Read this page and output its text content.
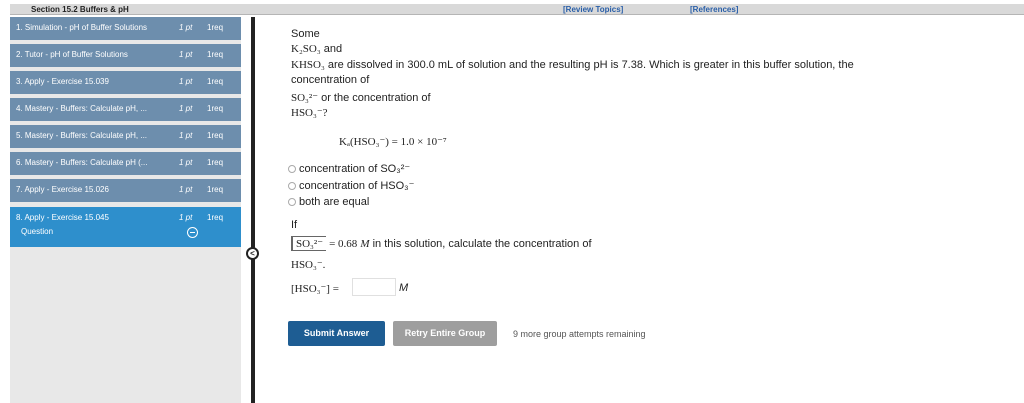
Section 15.2 Buffers & pH	[Review Topics]	[References]
1. Simulation - pH of Buffer Solutions	1 pt 1req
2. Tutor - pH of Buffer Solutions	1 pt 1req
3. Apply - Exercise 15.039	1 pt 1req
4. Mastery - Buffers: Calculate pH, ...	1 pt 1req
5. Mastery - Buffers: Calculate pH, ...	1 pt 1req
6. Mastery - Buffers: Calculate pH (...	1 pt 1req
7. Apply - Exercise 15.026	1 pt 1req
8. Apply - Exercise 15.045	1 pt 1req
Question
<
Some
K₂SO₃ and
KHSO₃ are dissolved in 300.0 mL of solution and the resulting pH is 7.38. Which is greater in this buffer solution, the
concentration of
SO₃²⁻ or the concentration of
HSO₃⁻?
Kₐ(HSO₃⁻) = 1.0 × 10⁻⁷
concentration of SO₃²⁻
concentration of HSO₃⁻
both are equal
If
SO₃²⁻ = 0.68 M in this solution, calculate the concentration of
HSO₃⁻.
[HSO₃⁻] =	M
Submit Answer	Retry Entire Group	9 more group attempts remaining
